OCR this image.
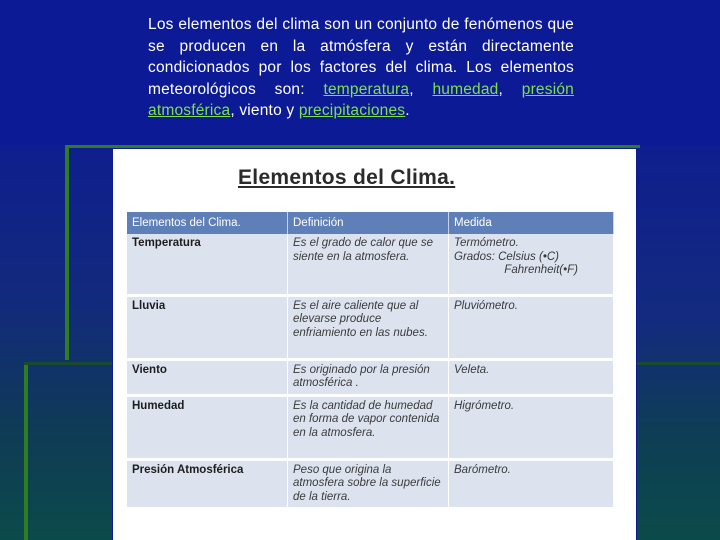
Los elementos del clima son un conjunto de fenómenos que se producen en la atmósfera y están directamente condicionados por los factores del clima. Los elementos meteorológicos son: temperatura, humedad, presión atmosférica, viento y precipitaciones.
Elementos del Clima.
Elementos del Clima.	Definición	Medida
Temperatura	Es el grado de calor que se siente en la atmosfera.	Termómetro.
Grados: Celsius (•C)
Fahrenheit(•F)

Lluvia	Es el aire caliente que al elevarse produce enfriamiento en las nubes.	Pluviómetro.
Viento	Es originado por la presión atmosférica .	Veleta.
Humedad	Es la cantidad de humedad en forma de vapor contenida en la atmosfera.	Higrómetro.
Presión Atmosférica	Peso que origina la atmosfera sobre la superficie de la tierra.	Barómetro.
